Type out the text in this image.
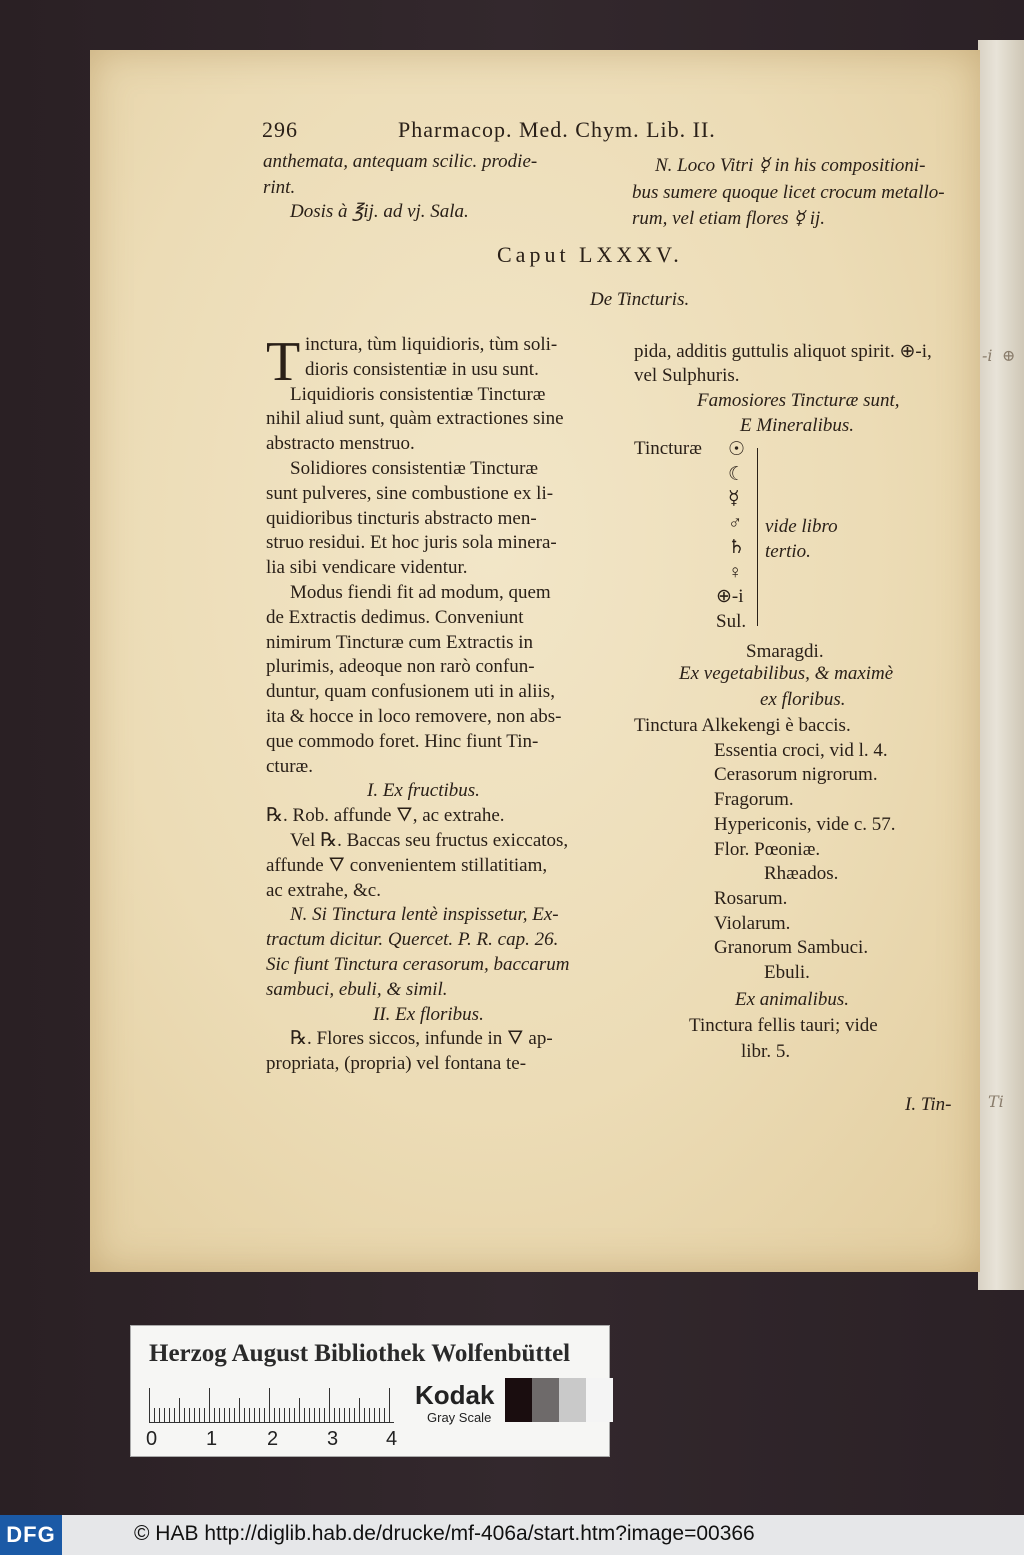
-i ⊕
Ti
296	Pharmacop. Med. Chym. Lib. II.
anthemata, antequam scilic. prodie-
rint.
Dosis à ℥ij. ad vj. Sala.
N. Loco Vitri ☿ in his compositioni-
bus sumere quoque licet crocum metallo-
rum, vel etiam flores ☿ ij.
Caput LXXXV.
De Tincturis.
T inctura, tùm liquidioris, tùm soli-
dioris consistentiæ in usu sunt.
Liquidioris consistentiæ Tincturæ
nihil aliud sunt, quàm extractiones sine
abstracto menstruo.
Solidiores consistentiæ Tincturæ
sunt pulveres, sine combustione ex li-
quidioribus tincturis abstracto men-
struo residui. Et hoc juris sola minera-
lia sibi vendicare videntur.
Modus fiendi fit ad modum, quem
de Extractis dedimus. Conveniunt
nimirum Tincturæ cum Extractis in
plurimis, adeoque non rarò confun-
duntur, quam confusionem uti in aliis,
ita & hocce in loco removere, non abs-
que commodo foret. Hinc fiunt Tin-
cturæ.
I. Ex fructibus.
℞. Rob. affunde 🜄, ac extrahe.
Vel ℞. Baccas seu fructus exiccatos,
affunde 🜄 convenientem stillatitiam,
ac extrahe, &c.
N. Si Tinctura lentè inspissetur, Ex-
tractum dicitur. Quercet. P. R. cap. 26.
Sic fiunt Tinctura cerasorum, baccarum
sambuci, ebuli, & simil.
II. Ex floribus.
℞. Flores siccos, infunde in 🜄 ap-
propriata, (propria) vel fontana te-
pida, additis guttulis aliquot spirit. ⊕-i,
vel Sulphuris.
Famosiores Tincturæ sunt,
E Mineralibus.
Tincturæ ☉
☾
☿
♂
♄
♀
⊕-i
Sul.
vide libro
tertio.
Smaragdi.
Ex vegetabilibus, & maximè
ex floribus.
Tinctura Alkekengi è baccis.
Essentia croci, vid l. 4.
Cerasorum nigrorum.
Fragorum.
Hypericonis, vide c. 57.
Flor. Pœoniæ.
Rhæados.
Rosarum.
Violarum.
Granorum Sambuci.
Ebuli.
Ex animalibus.
Tinctura fellis tauri; vide
libr. 5.
I. Tin-
Herzog August Bibliothek Wolfenbüttel
0 1 2 3 4
Kodak
Gray Scale
DFG	© HAB http://diglib.hab.de/drucke/mf-406a/start.htm?image=00366
